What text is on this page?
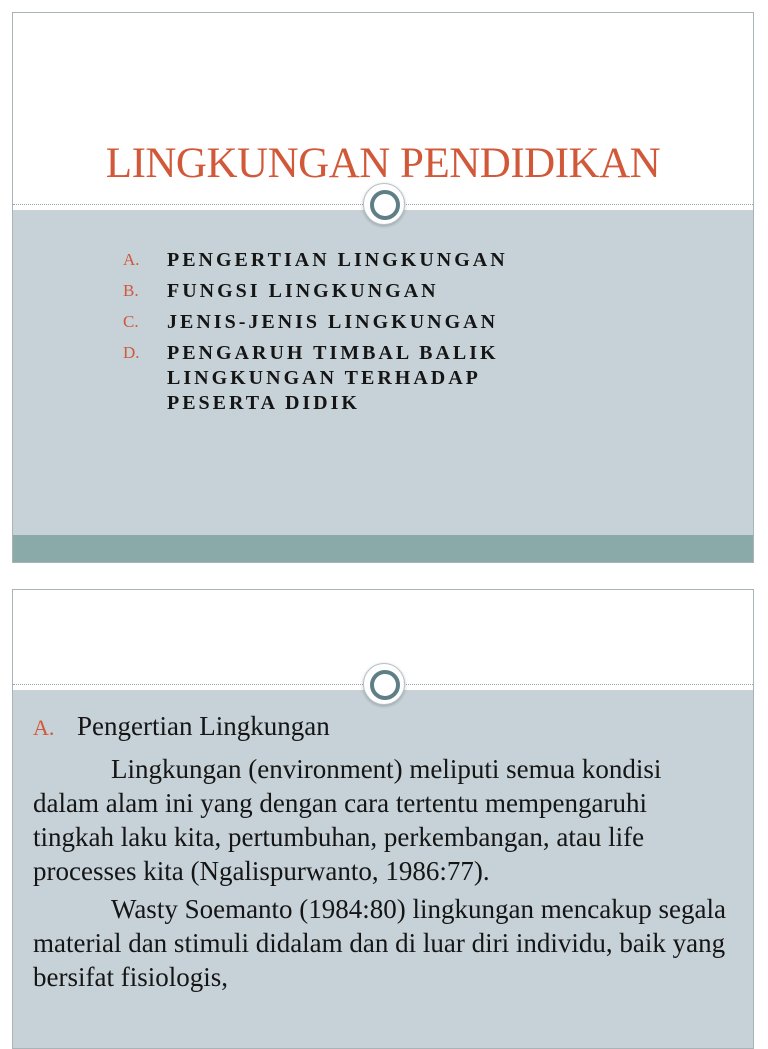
LINGKUNGAN PENDIDIKAN
A. PENGERTIAN LINGKUNGAN
B. FUNGSI LINGKUNGAN
C. JENIS-JENIS LINGKUNGAN
D. PENGARUH TIMBAL BALIK LINGKUNGAN TERHADAP PESERTA DIDIK
A. Pengertian Lingkungan

Lingkungan (environment) meliputi semua kondisi dalam alam ini yang dengan cara tertentu mempengaruhi tingkah laku kita, pertumbuhan, perkembangan, atau life processes kita (Ngalispurwanto, 1986:77).

Wasty Soemanto (1984:80) lingkungan mencakup segala material dan stimuli didalam dan di luar diri individu, baik yang bersifat fisiologis,
